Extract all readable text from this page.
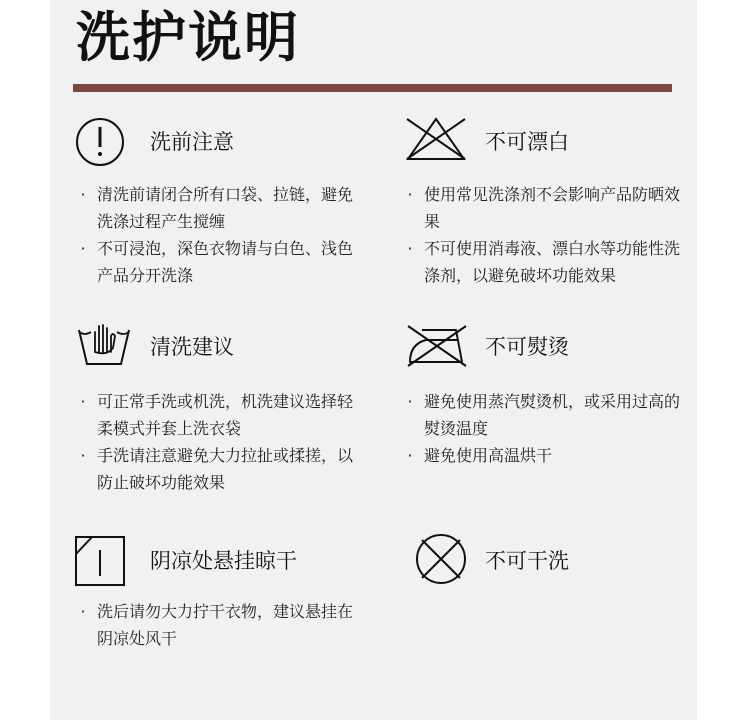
洗护说明
洗前注意
· 清洗前请闭合所有口袋、拉链，避免洗涤过程产生搅缠
· 不可浸泡，深色衣物请与白色、浅色产品分开洗涤
不可漂白
· 使用常见洗涤剂不会影响产品防晒效果
· 不可使用消毒液、漂白水等功能性洗涤剂，以避免破坏功能效果
清洗建议
· 可正常手洗或机洗，机洗建议选择轻柔模式并套上洗衣袋
· 手洗请注意避免大力拉扯或揉搓，以防止破坏功能效果
不可熨烫
· 避免使用蒸汽熨烫机，或采用过高的熨烫温度
· 避免使用高温烘干
阴凉处悬挂晾干
· 洗后请勿大力拧干衣物，建议悬挂在阴凉处风干
不可干洗
